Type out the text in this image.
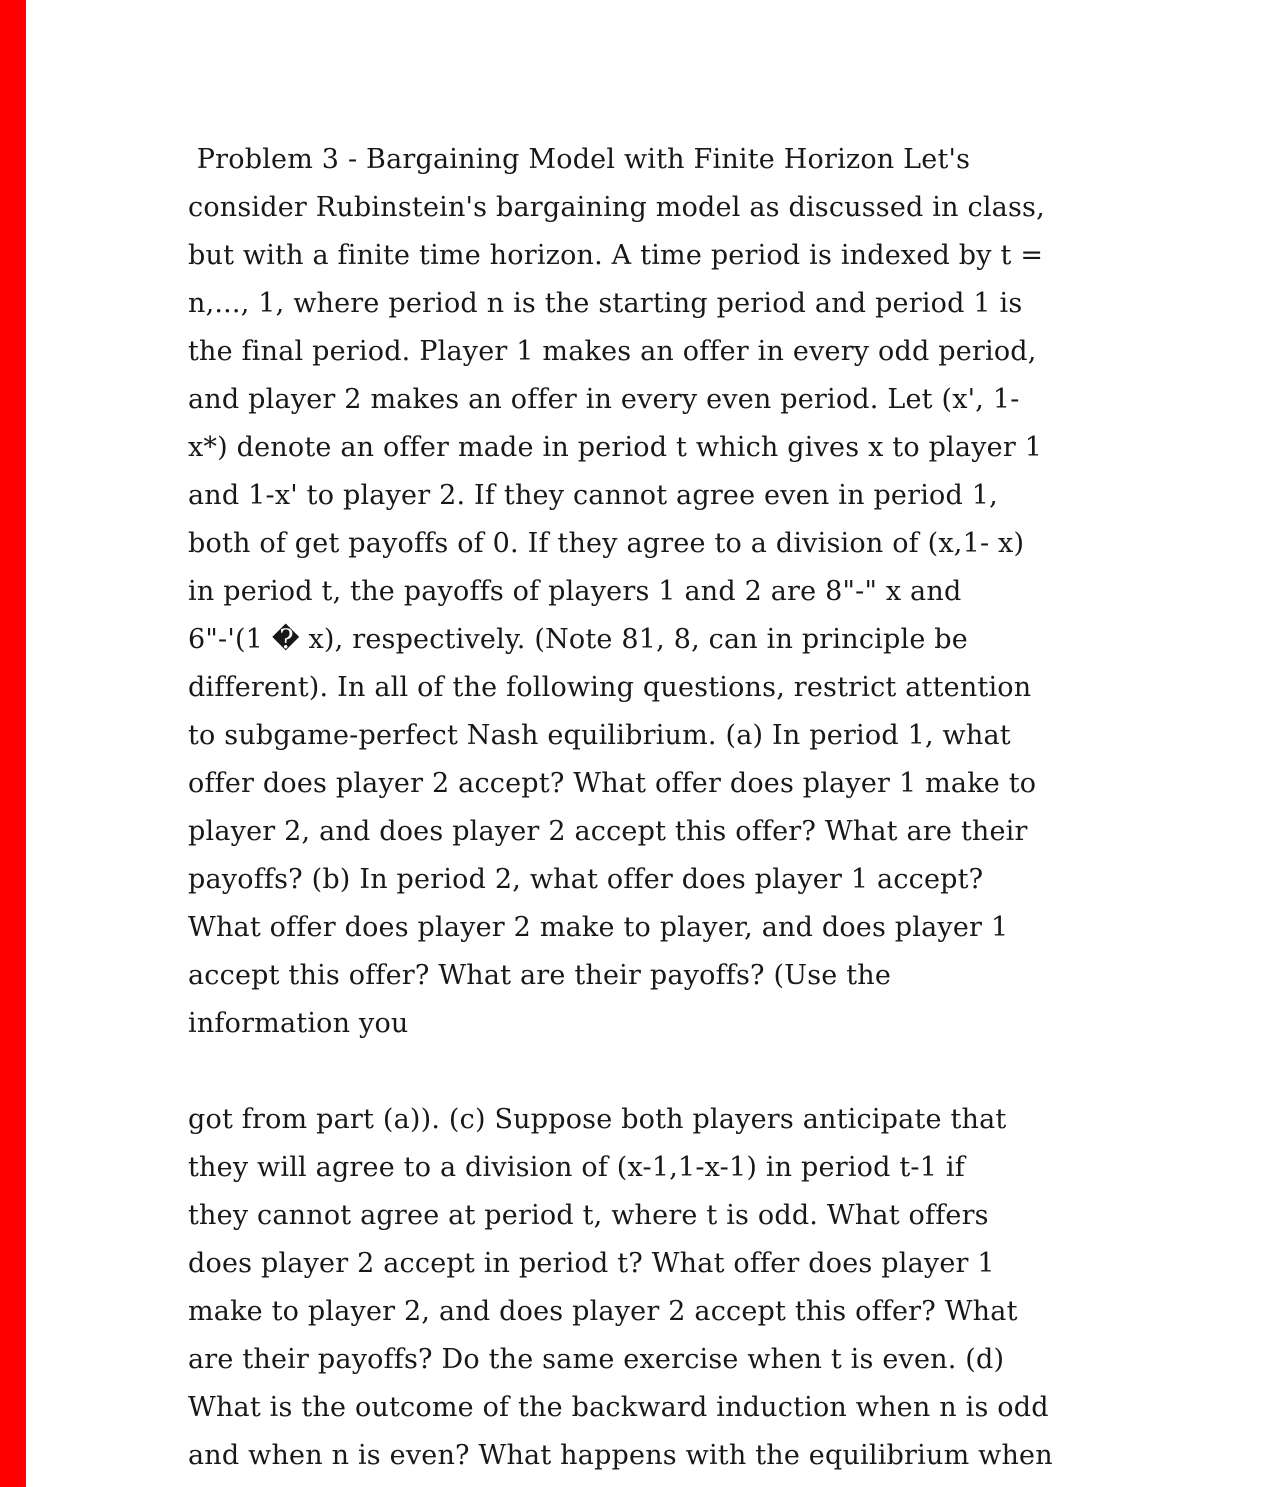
Problem 3 - Bargaining Model with Finite Horizon Let's
consider Rubinstein's bargaining model as discussed in class,
but with a finite time horizon. A time period is indexed by t =
n,..., 1, where period n is the starting period and period 1 is
the final period. Player 1 makes an offer in every odd period,
and player 2 makes an offer in every even period. Let (x', 1-
x*) denote an offer made in period t which gives x to player 1
and 1-x' to player 2. If they cannot agree even in period 1,
both of get payoffs of 0. If they agree to a division of (x,1- x)
in period t, the payoffs of players 1 and 2 are 8"-" x and
6"-'(1 � x), respectively. (Note 81, 8, can in principle be
different). In all of the following questions, restrict attention
to subgame-perfect Nash equilibrium. (a) In period 1, what
offer does player 2 accept? What offer does player 1 make to
player 2, and does player 2 accept this offer? What are their
payoffs? (b) In period 2, what offer does player 1 accept?
What offer does player 2 make to player, and does player 1
accept this offer? What are their payoffs? (Use the
information you
got from part (a)). (c) Suppose both players anticipate that
they will agree to a division of (x-1,1-x-1) in period t-1 if
they cannot agree at period t, where t is odd. What offers
does player 2 accept in period t? What offer does player 1
make to player 2, and does player 2 accept this offer? What
are their payoffs? Do the same exercise when t is even. (d)
What is the outcome of the backward induction when n is odd
and when n is even? What happens with the equilibrium when
